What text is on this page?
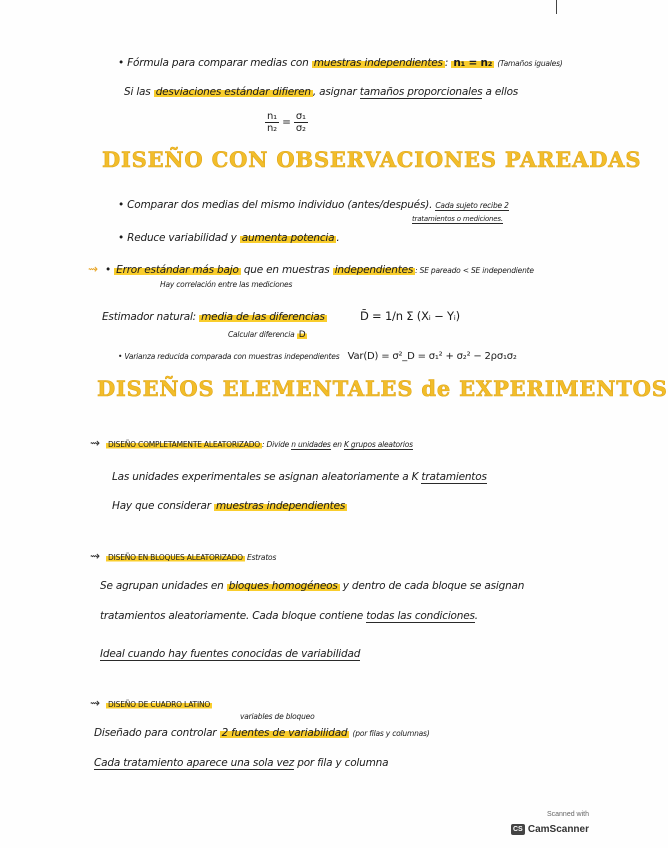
• Fórmula para comparar medias con muestras independientes : n₁ = n₂ (Tamaños iguales)
Si las desviaciones estándar difieren , asignar tamaños proporcionales a ellos
$\frac{\text{n₁}}{\text{n₂}} = \frac{\text{σ₁}}{\text{σ₂}}$
DISEÑO CON OBSERVACIONES PAREADAS
• Comparar dos medias del mismo individuo (antes/después). Cada sujeto recibe 2
tratamientos o mediciones.
• Reduce variabilidad y aumenta potencia .
⇝ • Error estándar más bajo que en muestras independientes : SE pareado < SE independiente
Hay correlación entre las mediciones
Estimador natural: media de las diferencias	D̄ = 1/n Σ (Xᵢ − Yᵢ)
Calcular diferencia D
• Varianza reducida comparada con muestras independientes Var(D) = σ²_D = σ₁² + σ₂² − 2ρσ₁σ₂
DISEÑOS ELEMENTALES de EXPERIMENTOS
⇝ DISEÑO COMPLETAMENTE ALEATORIZADO : Divide n unidades en K grupos aleatorios
Las unidades experimentales se asignan aleatoriamente a K tratamientos
Hay que considerar muestras independientes
⇝ DISEÑO EN BLOQUES ALEATORIZADO Estratos
Se agrupan unidades en bloques homogéneos y dentro de cada bloque se asignan
tratamientos aleatoriamente. Cada bloque contiene todas las condiciones.
Ideal cuando hay fuentes conocidas de variabilidad
⇝ DISEÑO DE CUADRO LATINO
variables de bloqueo
Diseñado para controlar 2 fuentes de variabilidad (por filas y columnas)
Cada tratamiento aparece una sola vez por fila y columna
Scanned with
CS CamScanner
